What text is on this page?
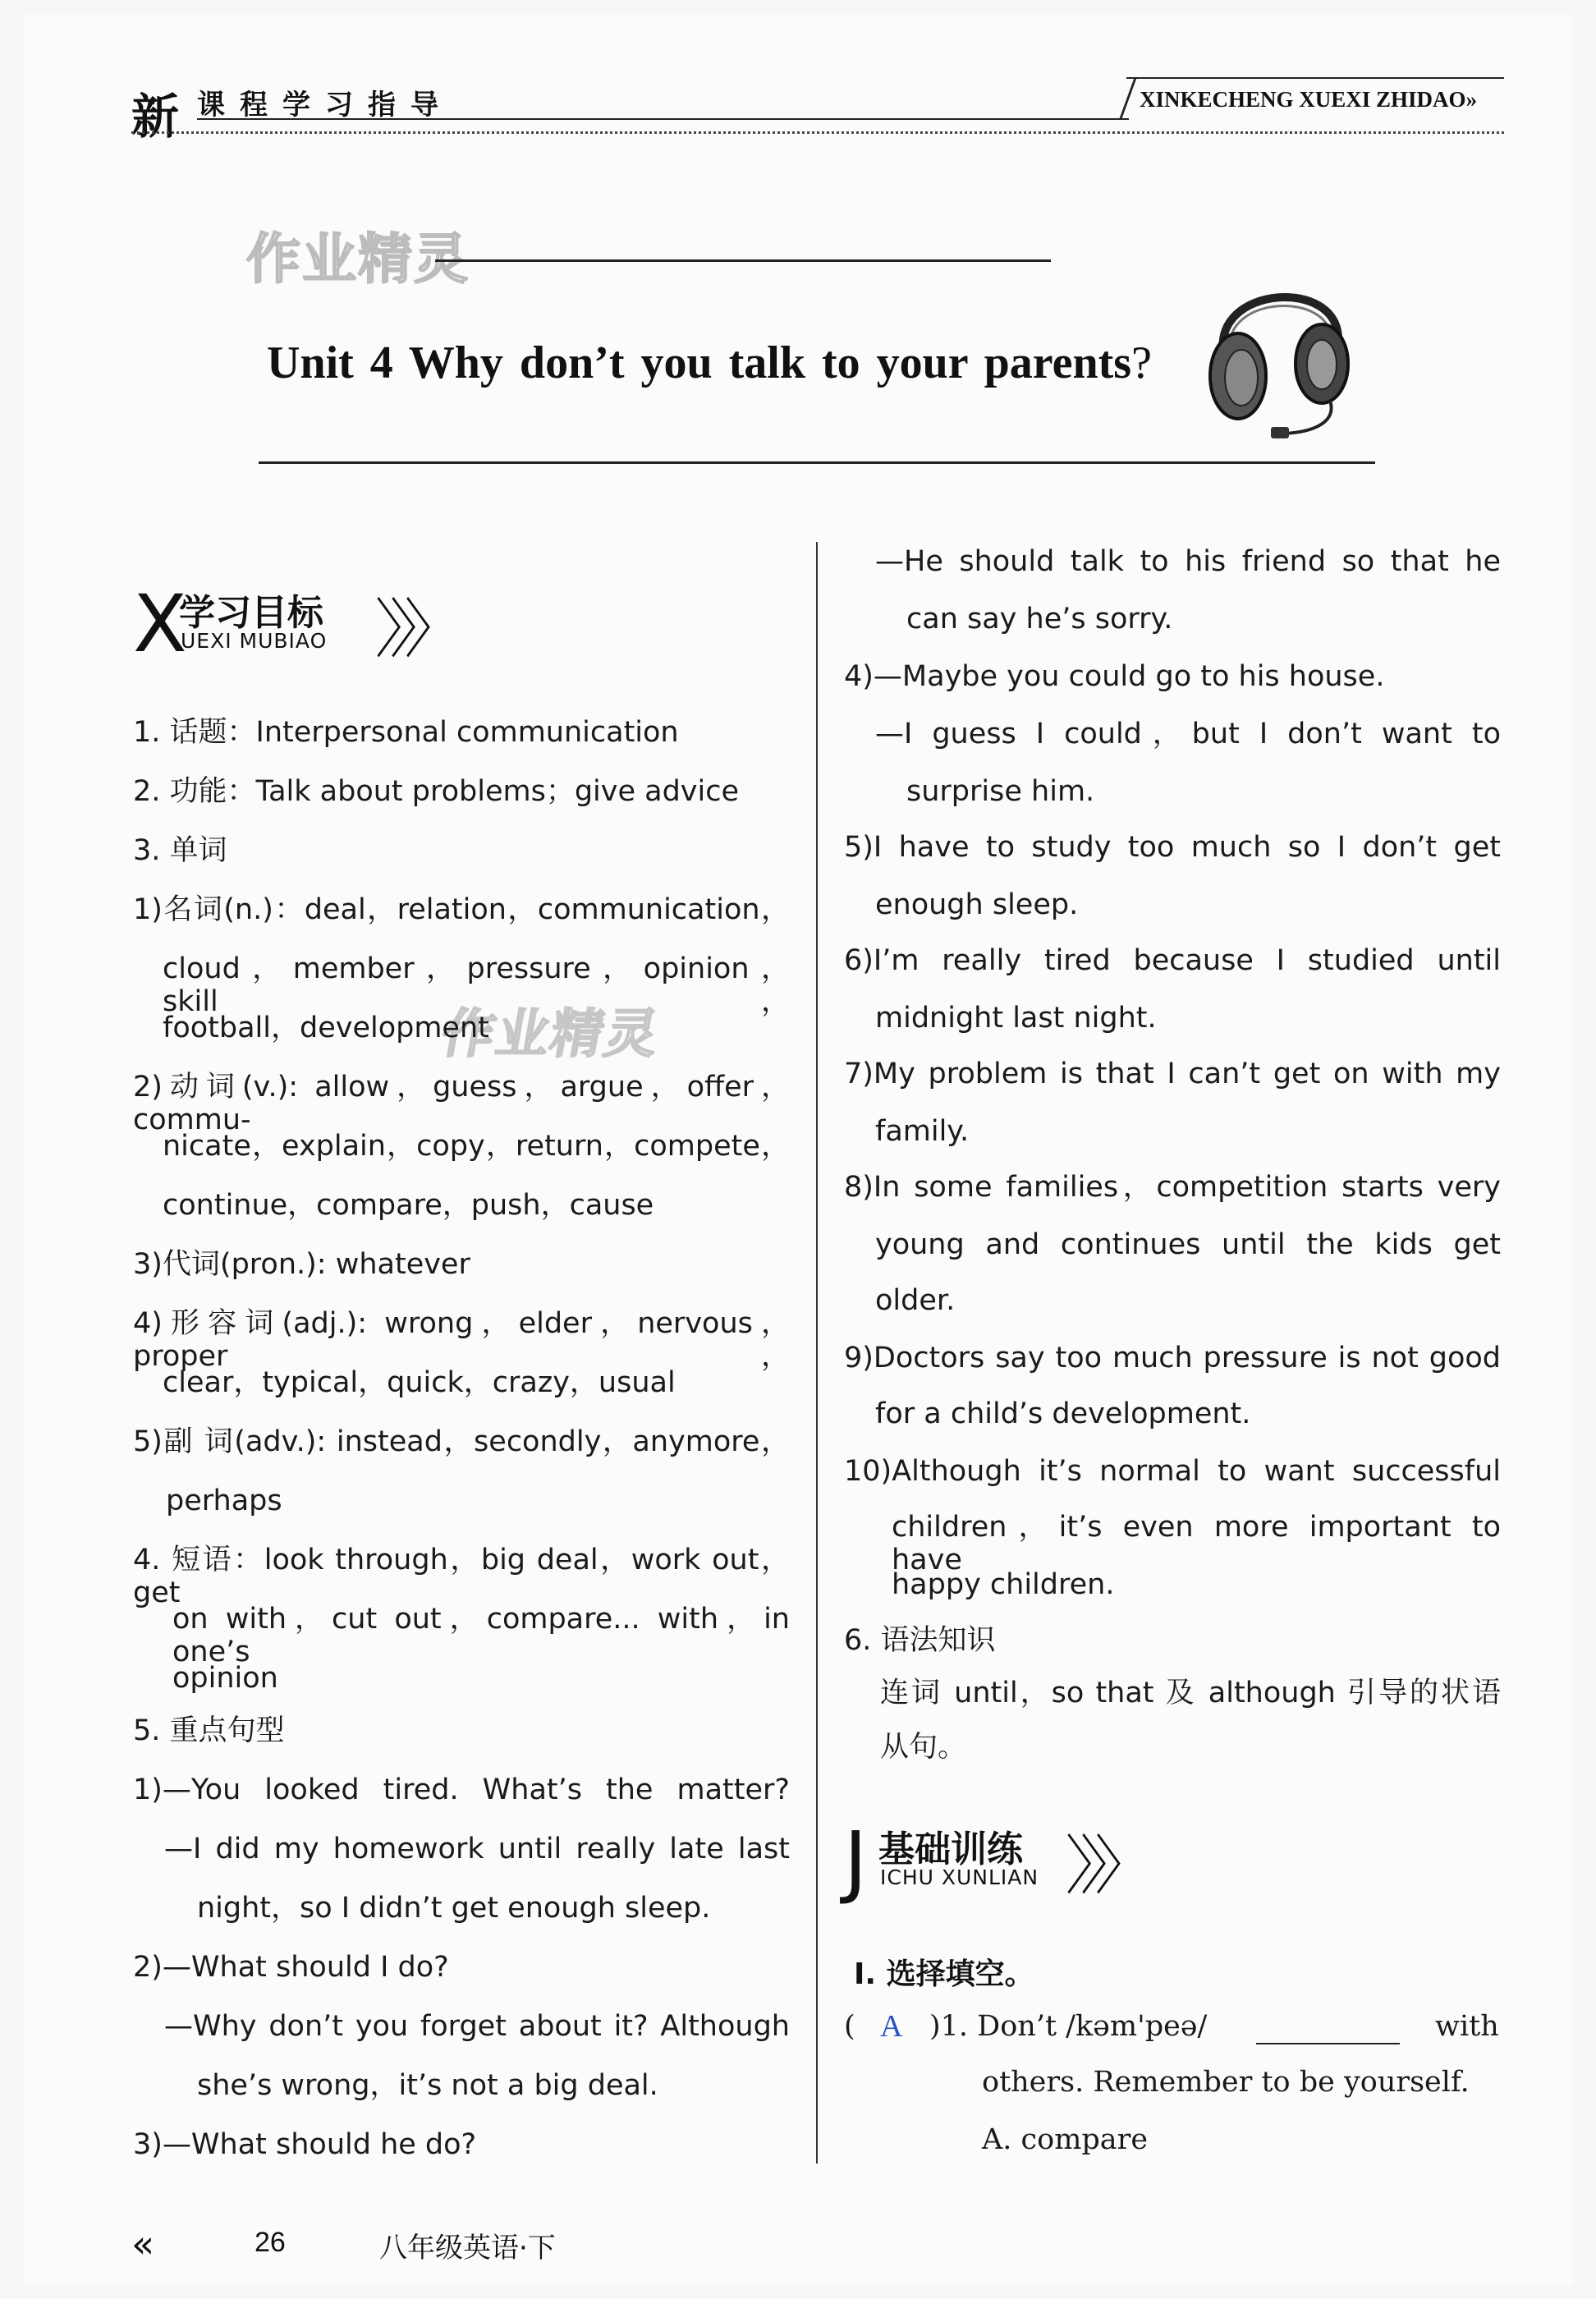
新 课程学习指导	XINKECHENG XUEXI ZHIDAO»
作业精灵
Unit 4 Why don’t you talk to your parents?
X
学习目标
UEXI MUBIAO 〉〉〉
作业精灵
1. 话题：Interpersonal communication
2. 功能：Talk about problems；give advice
3. 单词
1)名词(n.)：deal，relation，communication，
cloud，member，pressure，opinion，skill，
football，development
2)动词(v.): allow，guess，argue，offer，commu-
nicate，explain，copy，return，compete，
continue，compare，push，cause
3)代词(pron.): whatever
4)形容词(adj.): wrong，elder，nervous，proper，
clear，typical，quick，crazy，usual
5)副 词(adv.): instead，secondly，anymore，
perhaps
4. 短语：look through，big deal，work out，get
on with，cut out，compare... with，in one’s
opinion
5. 重点句型
1)—You looked tired. What’s the matter?
—I did my homework until really late last
night，so I didn’t get enough sleep.
2)—What should I do?
—Why don’t you forget about it? Although
she’s wrong，it’s not a big deal.
3)—What should he do?
—He should talk to his friend so that he
can say he’s sorry.
4)—Maybe you could go to his house.
—I guess I could，but I don’t want to
surprise him.
5)I have to study too much so I don’t get
enough sleep.
6)I’m really tired because I studied until
midnight last night.
7)My problem is that I can’t get on with my
family.
8)In some families，competition starts very
young and continues until the kids get
older.
9)Doctors say too much pressure is not good
for a child’s development.
10)Although it’s normal to want successful
children，it’s even more important to have
happy children.
6. 语法知识
连词 until，so that 及 although 引导的状语
从句。
J 基础训练
ICHU XUNLIAN 〉〉〉
Ⅰ. 选择填空。
( A )1. Don’t /kəm'peə/	with
others. Remember to be yourself.
A. compare
«	26	八年级英语·下
